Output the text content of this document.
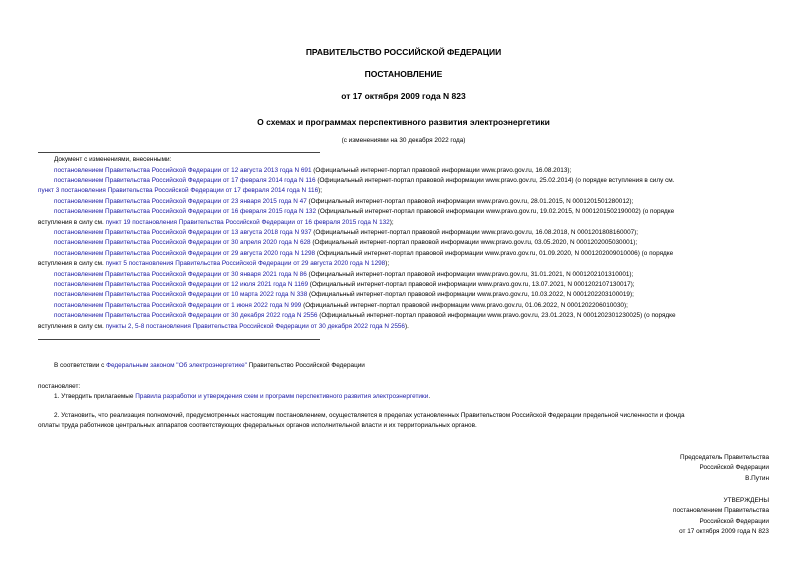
ПРАВИТЕЛЬСТВО РОССИЙСКОЙ ФЕДЕРАЦИИ
ПОСТАНОВЛЕНИЕ
от 17 октября 2009 года N 823
О схемах и программах перспективного развития электроэнергетики
(с изменениями на 30 декабря 2022 года)
Документ с изменениями, внесенными:
постановлением Правительства Российской Федерации от 12 августа 2013 года N 691 (Официальный интернет-портал правовой информации www.pravo.gov.ru, 16.08.2013);
постановлением Правительства Российской Федерации от 17 февраля 2014 года N 116 (Официальный интернет-портал правовой информации www.pravo.gov.ru, 25.02.2014) (о порядке вступления в силу см.
пункт 3 постановления Правительства Российской Федерации от 17 февраля 2014 года N 116);
постановлением Правительства Российской Федерации от 23 января 2015 года N 47 (Официальный интернет-портал правовой информации www.pravo.gov.ru, 28.01.2015, N 0001201501280012);
постановлением Правительства Российской Федерации от 16 февраля 2015 года N 132 (Официальный интернет-портал правовой информации www.pravo.gov.ru, 19.02.2015, N 0001201502190002) (о порядке
вступления в силу см. пункт 19 постановления Правительства Российской Федерации от 16 февраля 2015 года N 132);
постановлением Правительства Российской Федерации от 13 августа 2018 года N 937 (Официальный интернет-портал правовой информации www.pravo.gov.ru, 16.08.2018, N 0001201808160007);
постановлением Правительства Российской Федерации от 30 апреля 2020 года N 628 (Официальный интернет-портал правовой информации www.pravo.gov.ru, 03.05.2020, N 0001202005030001);
постановлением Правительства Российской Федерации от 29 августа 2020 года N 1298 (Официальный интернет-портал правовой информации www.pravo.gov.ru, 01.09.2020, N 0001202009010006) (о порядке
вступления в силу см. пункт 5 постановления Правительства Российской Федерации от 29 августа 2020 года N 1298);
постановлением Правительства Российской Федерации от 30 января 2021 года N 86 (Официальный интернет-портал правовой информации www.pravo.gov.ru, 31.01.2021, N 0001202101310001);
постановлением Правительства Российской Федерации от 12 июля 2021 года N 1169 (Официальный интернет-портал правовой информации www.pravo.gov.ru, 13.07.2021, N 0001202107130017);
постановлением Правительства Российской Федерации от 10 марта 2022 года N 338 (Официальный интернет-портал правовой информации www.pravo.gov.ru, 10.03.2022, N 0001202203100019);
постановлением Правительства Российской Федерации от 1 июня 2022 года N 999 (Официальный интернет-портал правовой информации www.pravo.gov.ru, 01.06.2022, N 0001202206010030);
постановлением Правительства Российской Федерации от 30 декабря 2022 года N 2556 (Официальный интернет-портал правовой информации www.pravo.gov.ru, 23.01.2023, N 0001202301230025) (о порядке
вступления в силу см. пункты 2, 5-8 постановления Правительства Российской Федерации от 30 декабря 2022 года N 2556).
В соответствии с Федеральным законом "Об электроэнергетике" Правительство Российской Федерации
постановляет:
1. Утвердить прилагаемые Правила разработки и утверждения схем и программ перспективного развития электроэнергетики.
2. Установить, что реализация полномочий, предусмотренных настоящим постановлением, осуществляется в пределах установленных Правительством Российской Федерации предельной численности и фонда
оплаты труда работников центральных аппаратов соответствующих федеральных органов исполнительной власти и их территориальных органов.
Председатель Правительства
Российской Федерации
В.Путин
УТВЕРЖДЕНЫ
постановлением Правительства
Российской Федерации
от 17 октября 2009 года N 823
